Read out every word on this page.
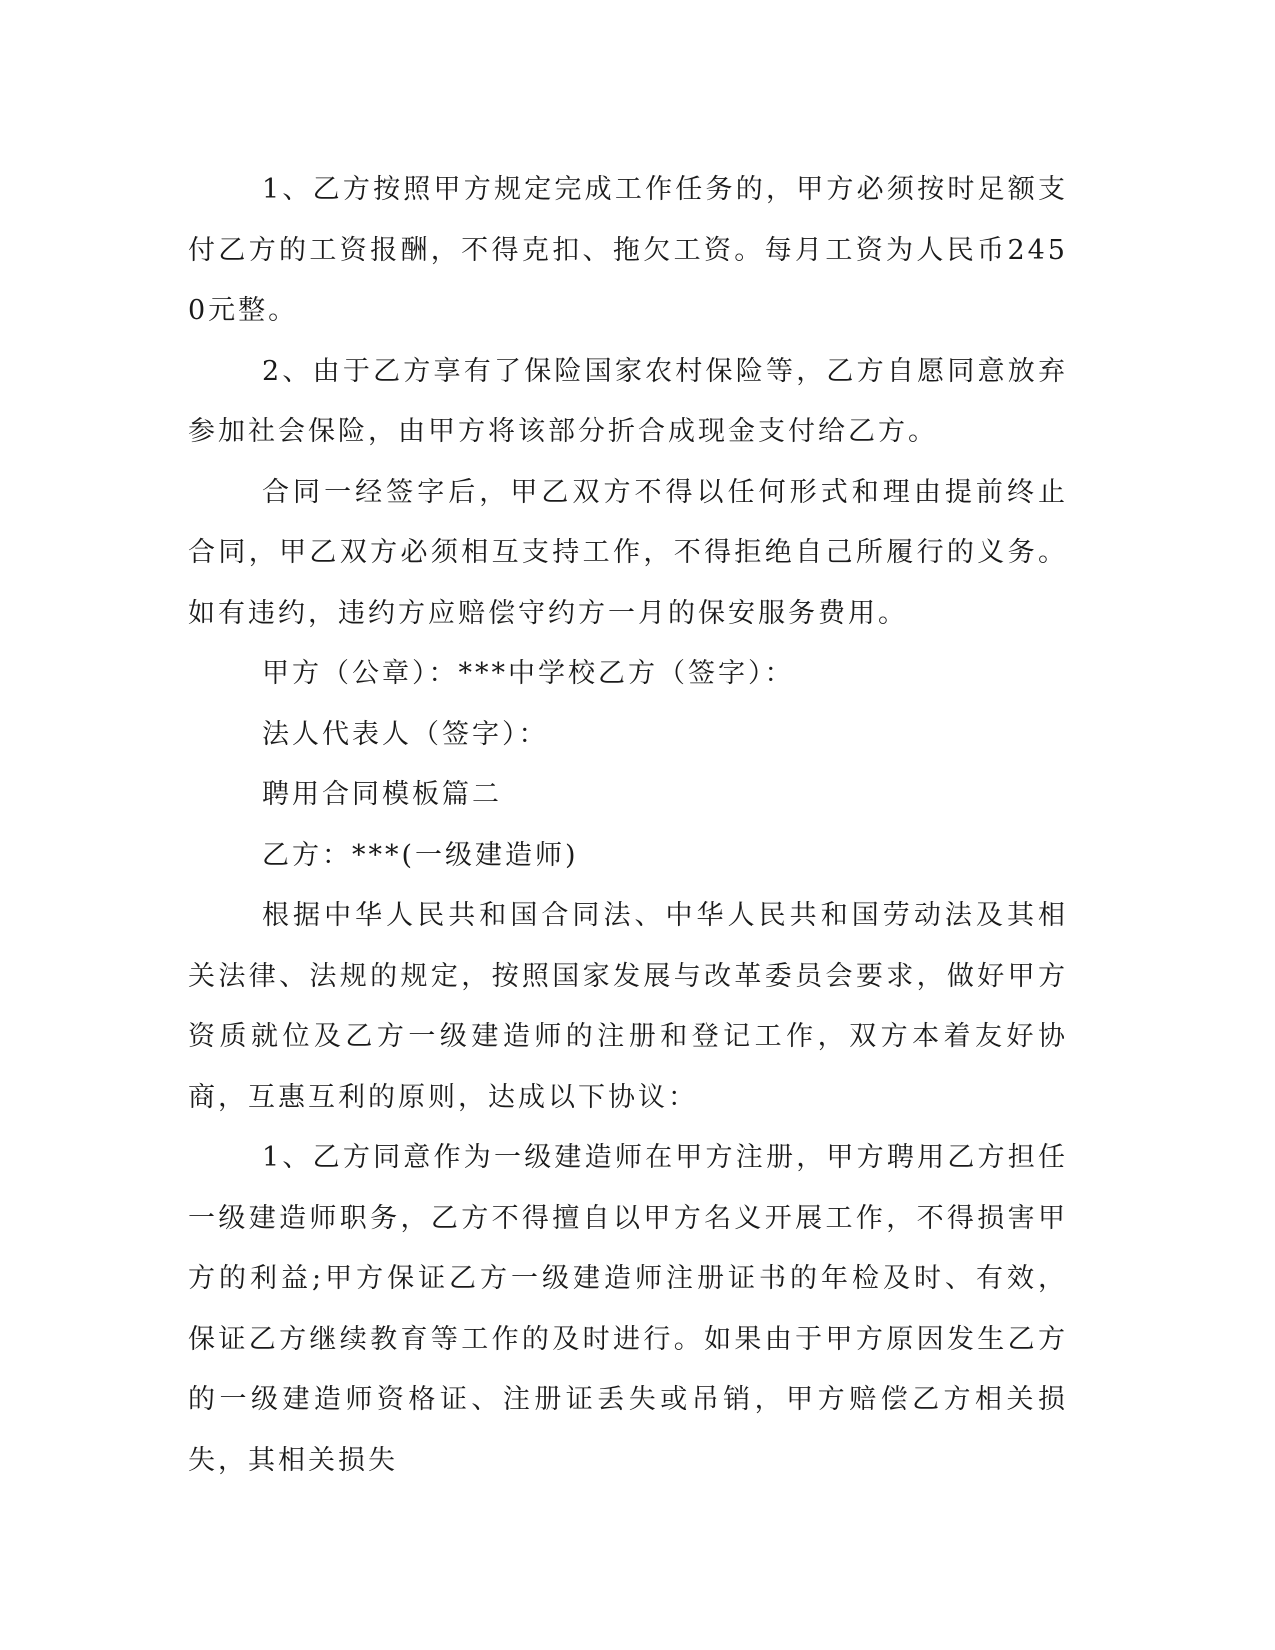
1、乙方按照甲方规定完成工作任务的，甲方必须按时足额支付乙方的工资报酬，不得克扣、拖欠工资。每月工资为人民币2450元整。

2、由于乙方享有了保险国家农村保险等，乙方自愿同意放弃参加社会保险，由甲方将该部分折合成现金支付给乙方。

合同一经签字后，甲乙双方不得以任何形式和理由提前终止合同，甲乙双方必须相互支持工作，不得拒绝自己所履行的义务。如有违约，违约方应赔偿守约方一月的保安服务费用。

甲方（公章）：***中学校乙方（签字）：

法人代表人（签字）：

聘用合同模板篇二

乙方：***(一级建造师)

根据中华人民共和国合同法、中华人民共和国劳动法及其相关法律、法规的规定，按照国家发展与改革委员会要求，做好甲方资质就位及乙方一级建造师的注册和登记工作，双方本着友好协商，互惠互利的原则，达成以下协议：

1、乙方同意作为一级建造师在甲方注册，甲方聘用乙方担任一级建造师职务，乙方不得擅自以甲方名义开展工作，不得损害甲方的利益;甲方保证乙方一级建造师注册证书的年检及时、有效，保证乙方继续教育等工作的及时进行。如果由于甲方原因发生乙方的一级建造师资格证、注册证丢失或吊销，甲方赔偿乙方相关损失，其相关损失
